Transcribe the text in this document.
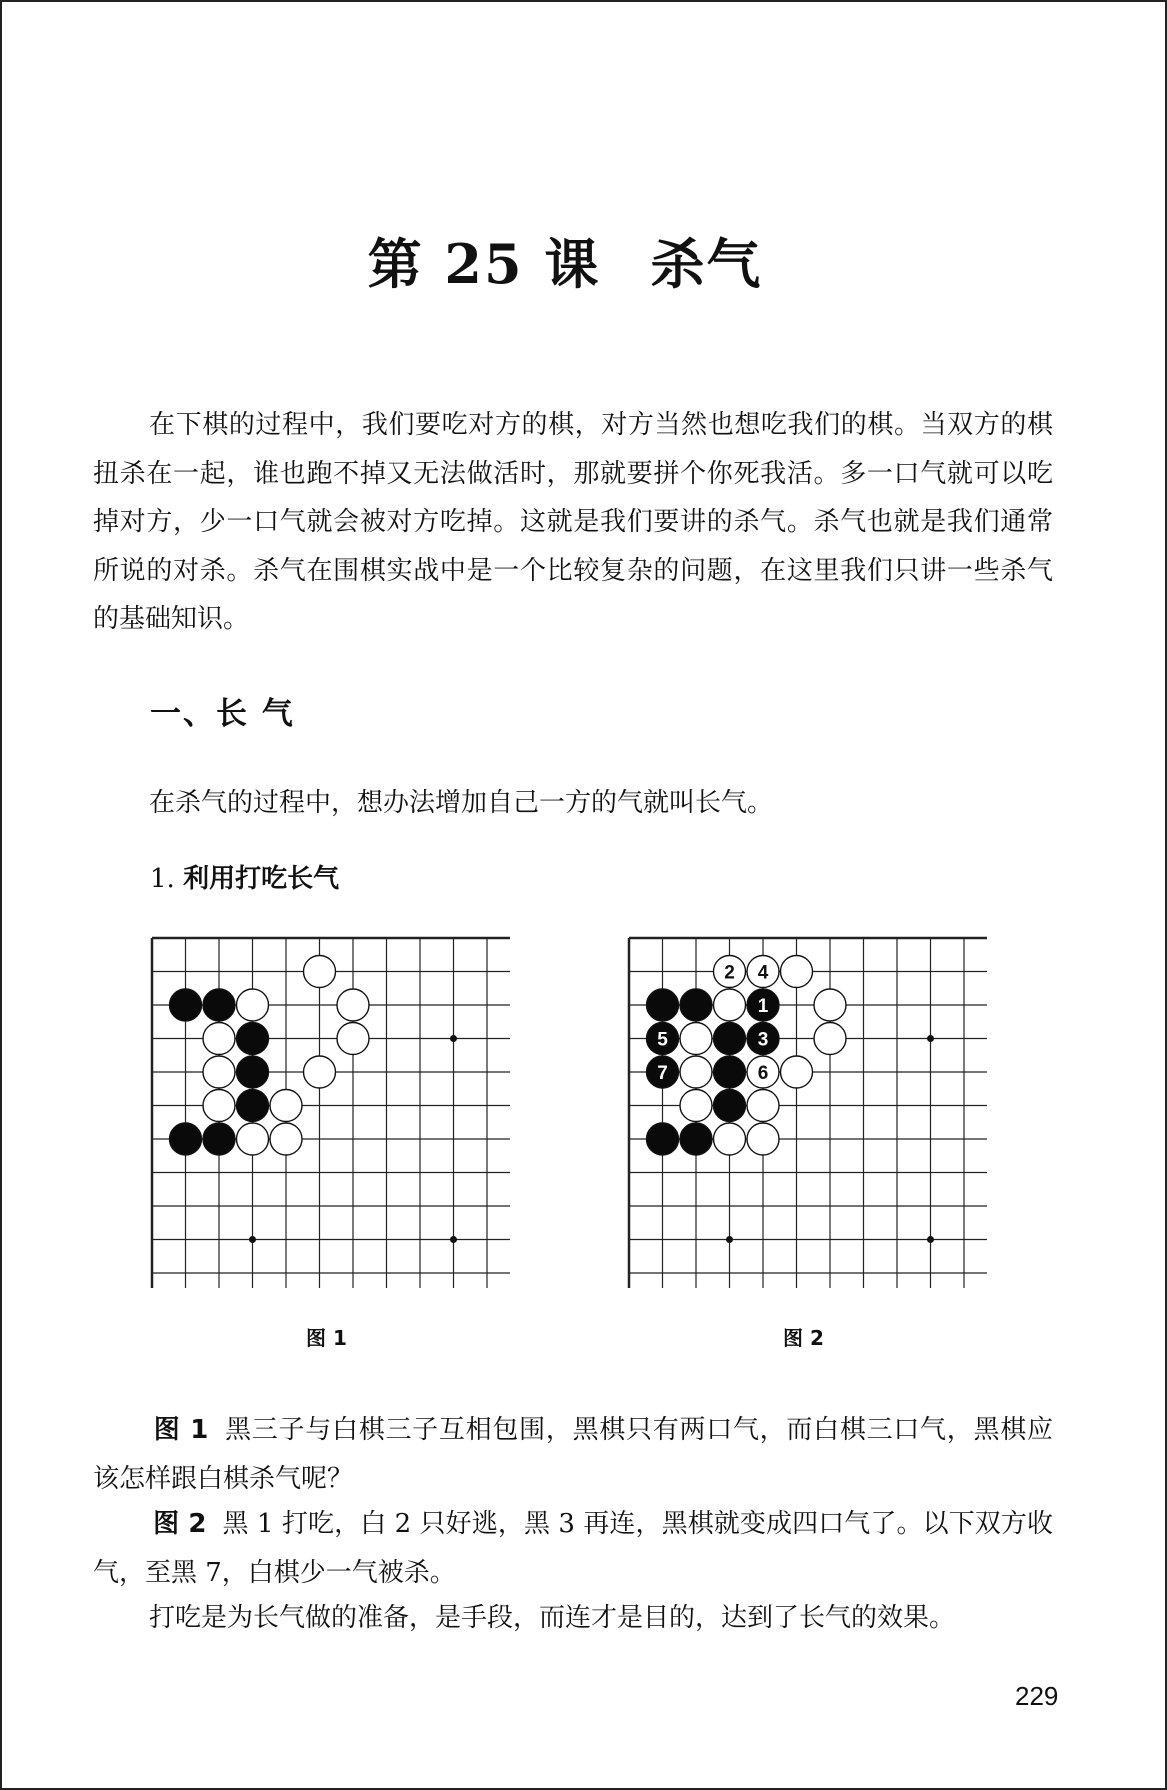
第 25 课 杀气

在下棋的过程中，我们要吃对方的棋，对方当然也想吃我们的棋。当双方的棋扭杀在一起，谁也跑不掉又无法做活时，那就要拼个你死我活。多一口气就可以吃掉对方，少一口气就会被对方吃掉。这就是我们要讲的杀气。杀气也就是我们通常所说的对杀。杀气在围棋实战中是一个比较复杂的问题，在这里我们只讲一些杀气的基础知识。

一、长 气

在杀气的过程中，想办法增加自己一方的气就叫长气。

1. 利用打吃长气
2 4
1
5	3
7	6
图 1	图 2

图 1 黑三子与白棋三子互相包围，黑棋只有两口气，而白棋三口气，黑棋应该怎样跟白棋杀气呢？

图 2 黑 1 打吃，白 2 只好逃，黑 3 再连，黑棋就变成四口气了。以下双方收气，至黑 7，白棋少一气被杀。

打吃是为长气做的准备，是手段，而连才是目的，达到了长气的效果。

229
